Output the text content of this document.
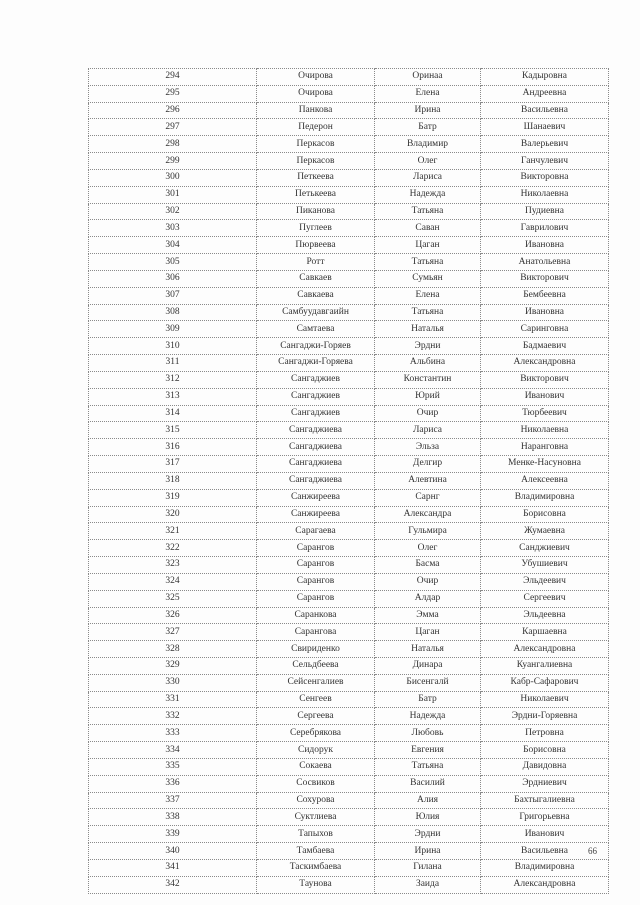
294	Очирова	Оринаа	Кадыровна
295	Очирова	Елена	Андреевна
296	Панкова	Ирина	Васильевна
297	Педерон	Батр	Шанаевич
298	Перкасов	Владимир	Валерьевич
299	Перкасов	Олег	Ганчулевич
300	Петкеева	Лариса	Викторовна
301	Петькеева	Надежда	Николаевна
302	Пиканова	Татьяна	Пудиевна
303	Пуглеев	Саван	Гаврилович
304	Пюрвеева	Цаган	Ивановна
305	Ротт	Татьяна	Анатольевна
306	Савкаев	Сумьян	Викторович
307	Савкаева	Елена	Бембеевна
308	Самбуудавгаийн	Татьяна	Ивановна
309	Самтаева	Наталья	Саринговна
310	Сангаджи-Горяев	Эрдни	Бадмаевич
311	Сангаджи-Горяева	Альбина	Александровна
312	Сангаджиев	Константин	Викторович
313	Сангаджиев	Юрий	Иванович
314	Сангаджиев	Очир	Тюрбеевич
315	Сангаджиева	Лариса	Николаевна
316	Сангаджиева	Эльза	Наранговна
317	Сангаджиева	Делгир	Менке-Насуновна
318	Сангаджиева	Алевтина	Алексеевна
319	Санжиреева	Сарнг	Владимировна
320	Санжиреева	Александра	Борисовна
321	Сарагаева	Гульмира	Жумаевна
322	Сарангов	Олег	Санджиевич
323	Сарангов	Басма	Убушиевич
324	Сарангов	Очир	Эльдеевич
325	Сарангов	Алдар	Сергеевич
326	Саранкова	Эмма	Эльдеевна
327	Сарангова	Цаган	Каршаевна
328	Свириденко	Наталья	Александровна
329	Сельдбеева	Динара	Куангалиевна
330	Сейсенгалиев	Бисенгалй	Кабр-Сафарович
331	Сенгеев	Батр	Николаевич
332	Сергеева	Надежда	Эрдни-Горяевна
333	Серебрякова	Любовь	Петровна
334	Сидорук	Евгения	Борисовна
335	Сокаева	Татьяна	Давидовна
336	Сосвиков	Василий	Эрдниевич
337	Сохурова	Алия	Бахтыгалиевна
338	Суктлиева	Юлия	Григорьевна
339	Тапыхов	Эрдни	Иванович
340	Тамбаева	Ирина	Васильевна
341	Таскимбаева	Гилана	Владимировна
342	Таунова	Заида	Александровна
66
